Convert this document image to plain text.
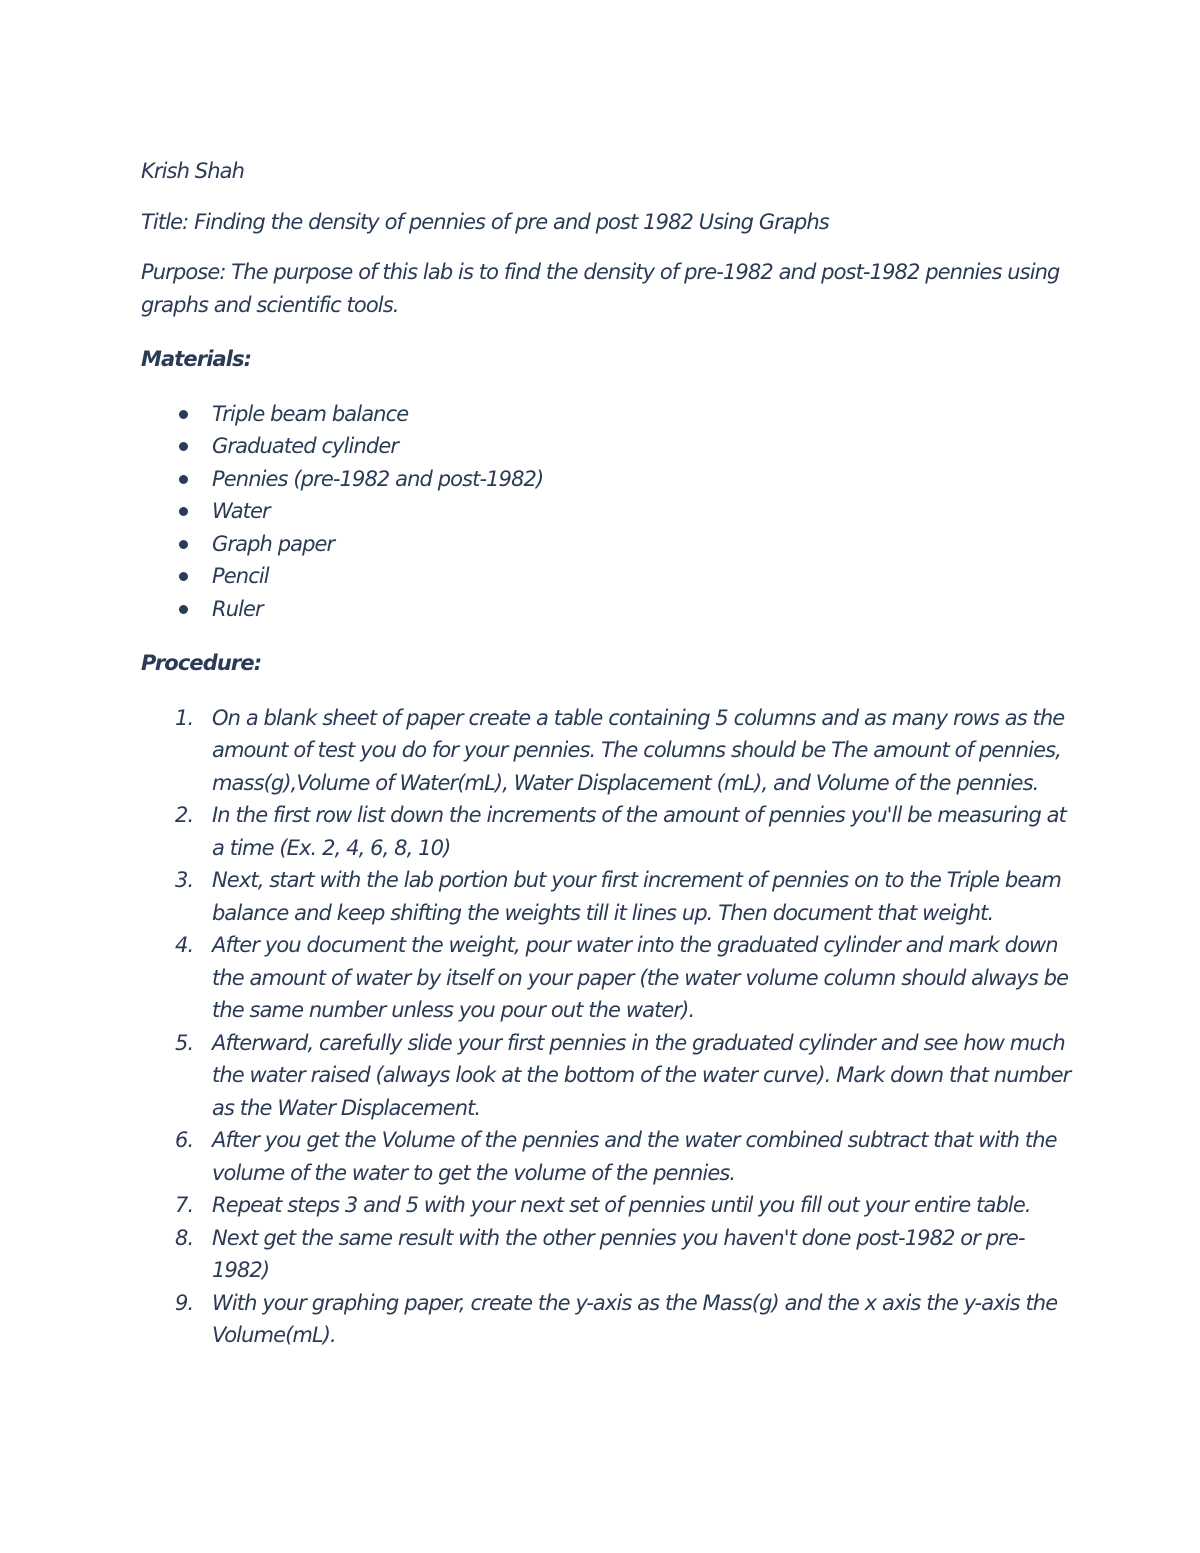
Krish Shah

Title: Finding the density of pennies of pre and post 1982 Using Graphs

Purpose: The purpose of this lab is to find the density of pre-1982 and post-1982 pennies using graphs and scientific tools.

Materials:

Triple beam balance
Graduated cylinder
Pennies (pre-1982 and post-1982)
Water
Graph paper
Pencil
Ruler

Procedure:

1. On a blank sheet of paper create a table containing 5 columns and as many rows as the amount of test you do for your pennies. The columns should be The amount of pennies, mass(g),Volume of Water(mL), Water Displacement (mL), and Volume of the pennies.
2. In the first row list down the increments of the amount of pennies you'll be measuring at a time (Ex. 2, 4, 6, 8, 10)
3. Next, start with the lab portion but your first increment of pennies on to the Triple beam balance and keep shifting the weights till it lines up. Then document that weight.
4. After you document the weight, pour water into the graduated cylinder and mark down the amount of water by itself on your paper (the water volume column should always be the same number unless you pour out the water).
5. Afterward, carefully slide your first pennies in the graduated cylinder and see how much the water raised (always look at the bottom of the water curve). Mark down that number as the Water Displacement.
6. After you get the Volume of the pennies and the water combined subtract that with the volume of the water to get the volume of the pennies.
7. Repeat steps 3 and 5 with your next set of pennies until you fill out your entire table.
8. Next get the same result with the other pennies you haven't done post-1982 or pre-1982)
9. With your graphing paper, create the y-axis as the Mass(g) and the x axis the y-axis the Volume(mL).
